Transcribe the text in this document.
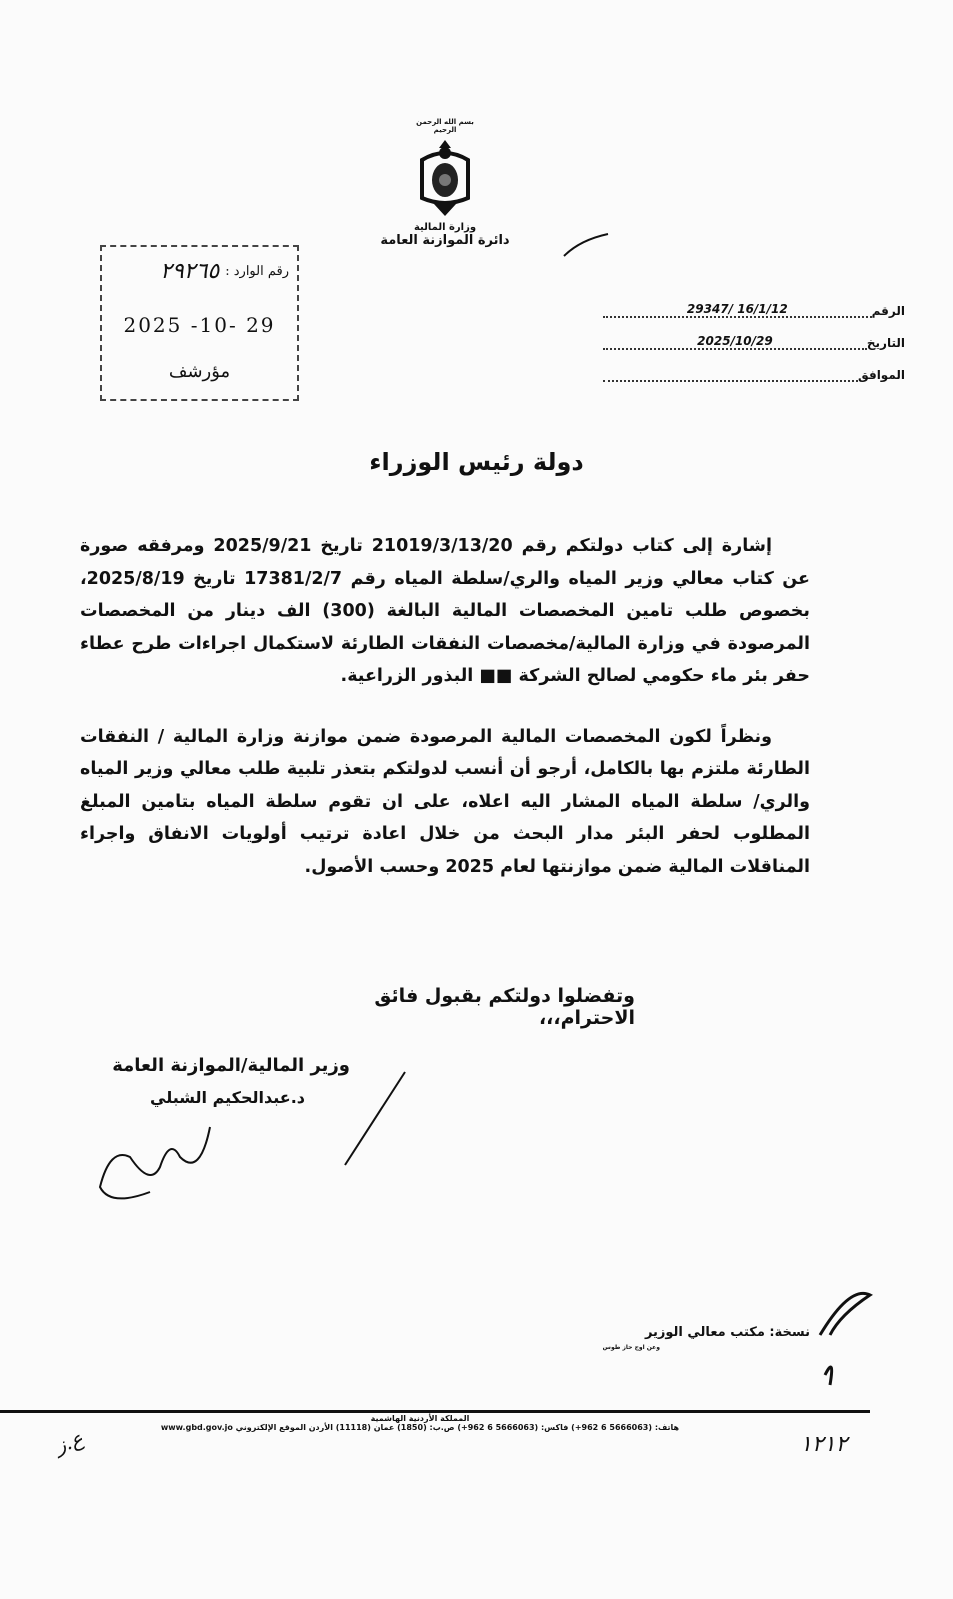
بسم الله الرحمن الرحيم
وزارة المالية
دائرة الموازنة العامة
رقم الوارد :
٢٩٢٦٥
2025 -10- 29
مؤرشف
الرقم
29347/ 16/1/12
التاريخ
2025/10/29
الموافق

دولة رئيس الوزراء

إشارة إلى كتاب دولتكم رقم 21019/3/13/20 تاريخ 2025/9/21 ومرفقه صورة عن كتاب معالي وزير المياه والري/سلطة المياه رقم 17381/2/7 تاريخ 2025/8/19، بخصوص طلب تامين المخصصات المالية البالغة (300) الف دينار من المخصصات المرصودة في وزارة المالية/مخصصات النفقات الطارئة لاستكمال اجراءات طرح عطاء حفر بئر ماء حكومي لصالح الشركة ■■ البذور الزراعية.

ونظراً لكون المخصصات المالية المرصودة ضمن موازنة وزارة المالية / النفقات الطارئة ملتزم بها بالكامل، أرجو أن أنسب لدولتكم بتعذر تلبية طلب معالي وزير المياه والري/ سلطة المياه المشار اليه اعلاه، على ان تقوم سلطة المياه بتامين المبلغ المطلوب لحفر البئر مدار البحث من خلال اعادة ترتيب أولويات الانفاق واجراء المناقلات المالية ضمن موازنتها لعام 2025 وحسب الأصول.

وتفضلوا دولتكم بقبول فائق الاحترام،،،
وزير المالية/الموازنة العامة
د.عبدالحكيم الشبلي
نسخة: مكتب معالي الوزير
وعن اوج حاز طوس
المملكة الأردنية الهاشمية
هاتف: (5666063 6 962+) فاكس: (5666063 6 962+) ص.ب: (1850) عمان (11118) الأردن الموقع الإلكتروني www.gbd.gov.jo
١٢١٢
ع.ز
